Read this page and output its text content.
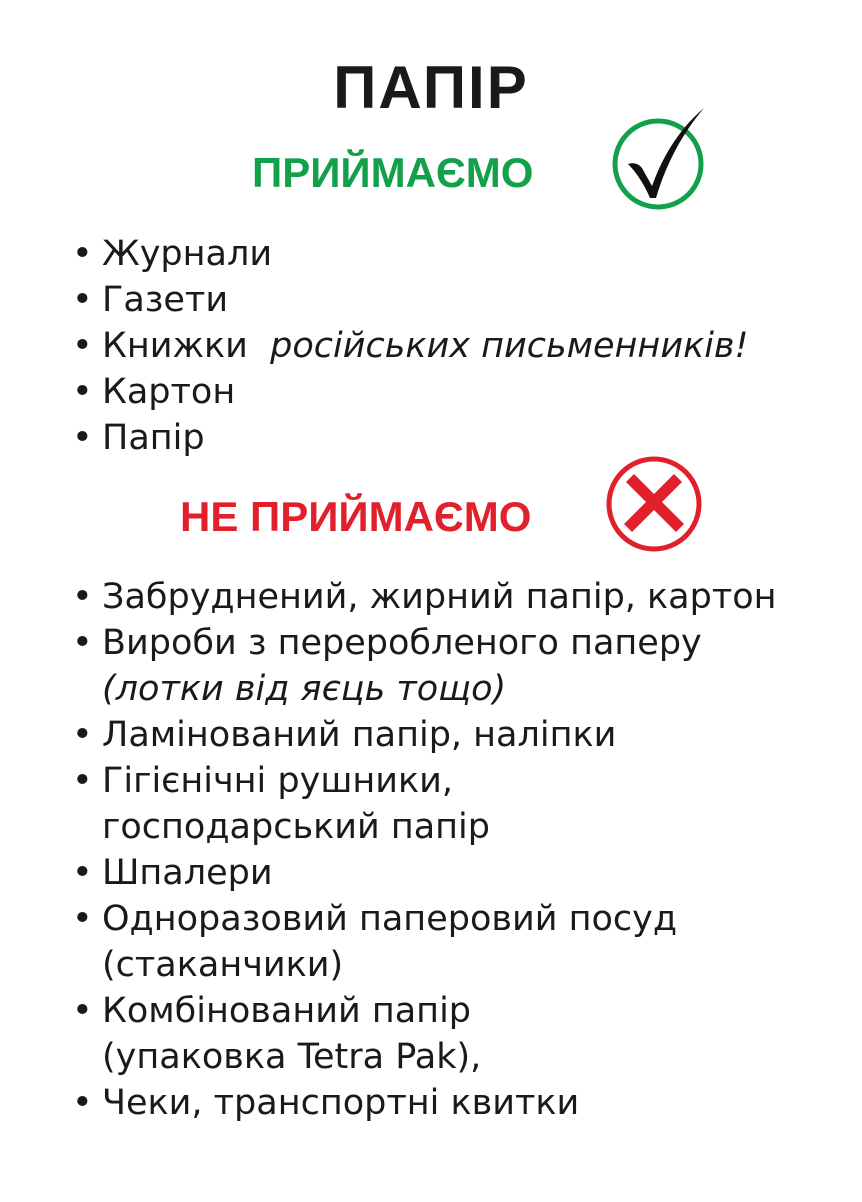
ПАПІР
ПРИЙМАЄМО
• Журнали
• Газети
• Книжки російських письменників!
• Картон
• Папір
НЕ ПРИЙМАЄМО
• Забруднений, жирний папір, картон
• Вироби з переробленого паперу
(лотки від яєць тощо)
• Ламінований папір, наліпки
• Гігієнічні рушники,
господарський папір
• Шпалери
• Одноразовий паперовий посуд
(стаканчики)
• Комбінований папір
(упаковка Tetra Pak),
• Чеки, транспортні квитки
